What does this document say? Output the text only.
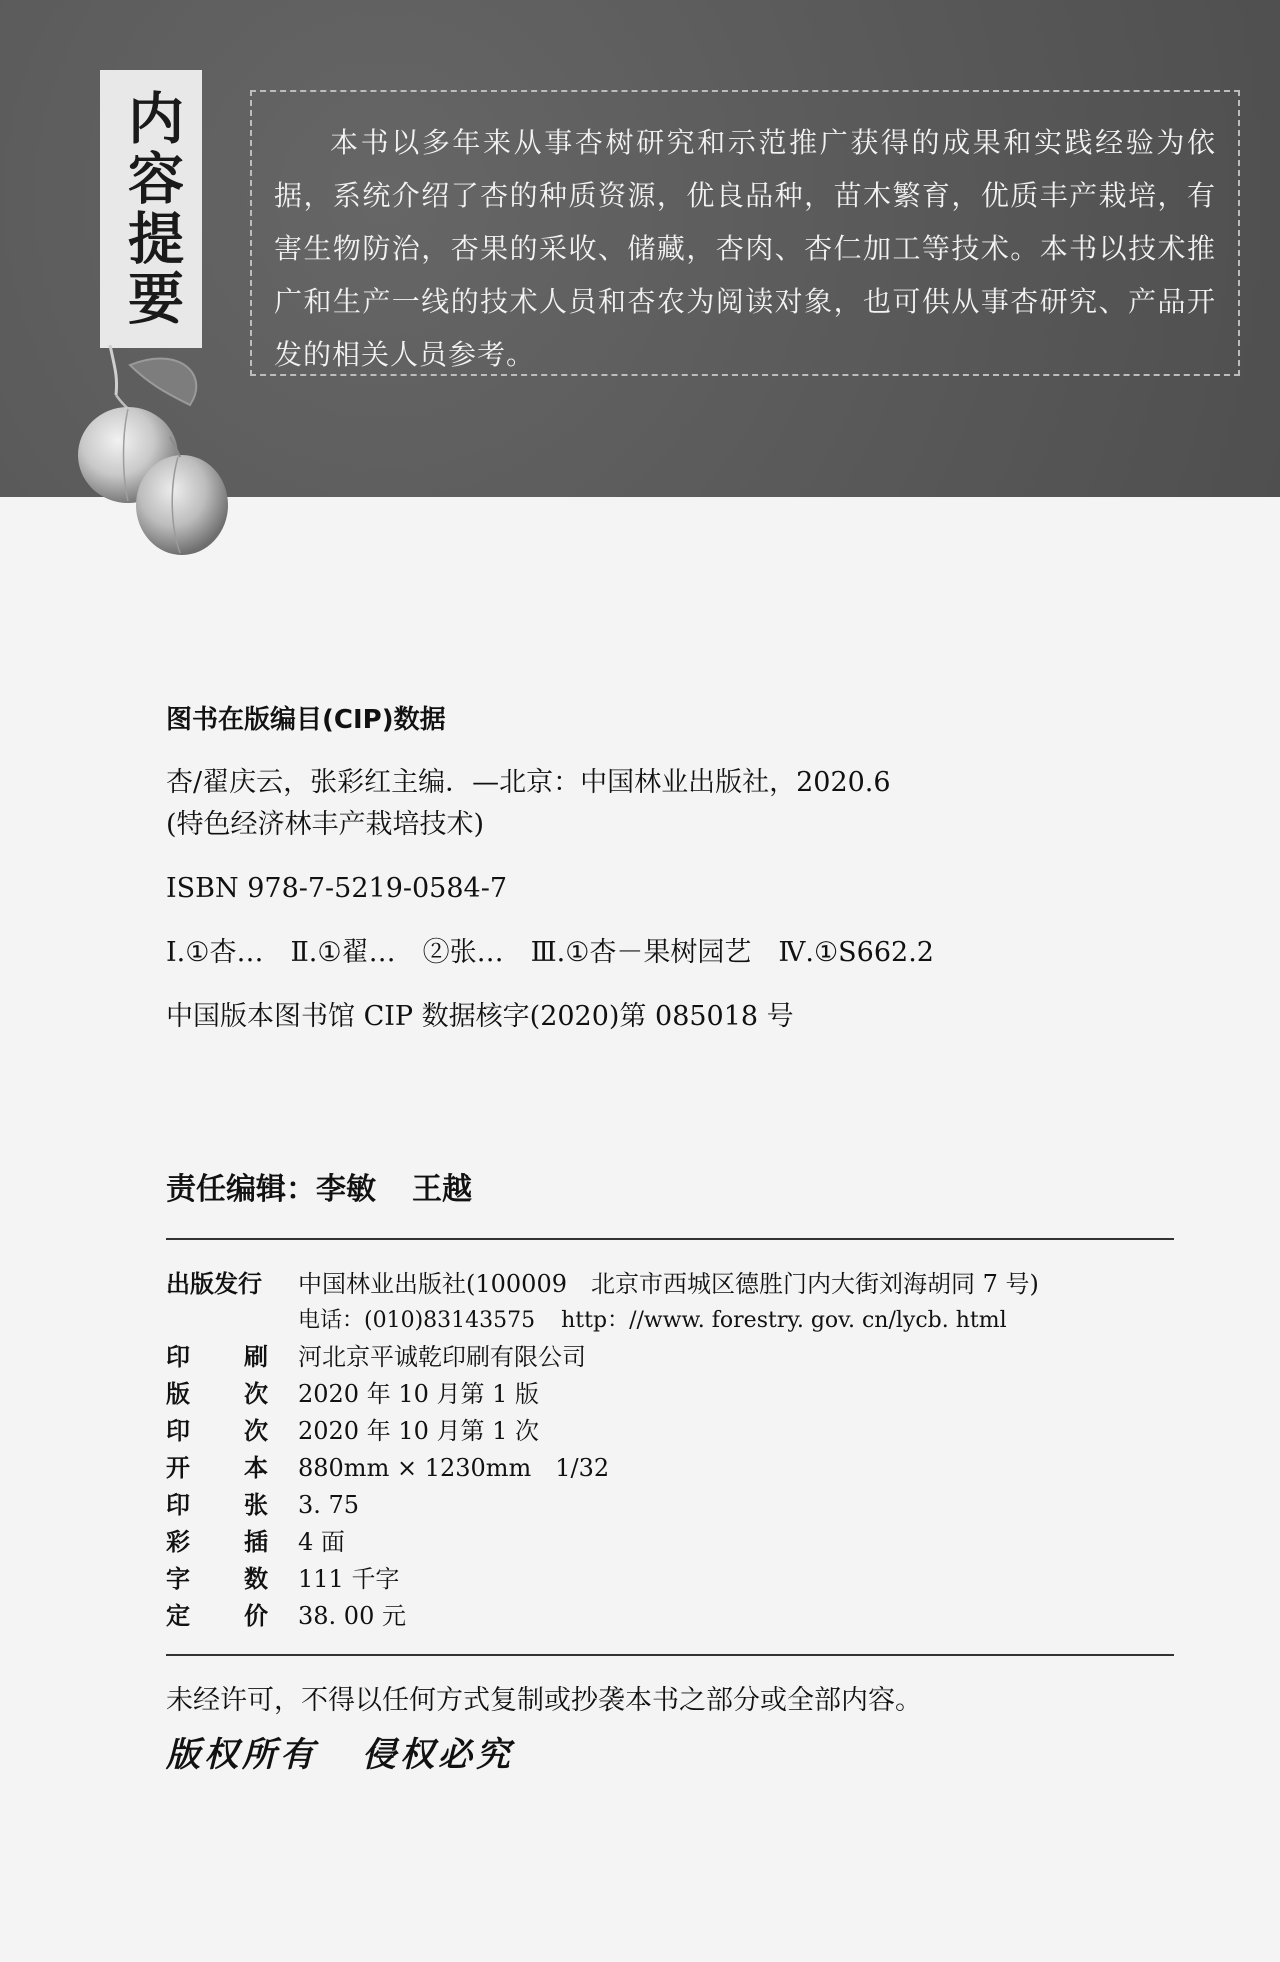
内容提要	本书以多年来从事杏树研究和示范推广获得的成果和实践经验为依据，系统介绍了杏的种质资源，优良品种，苗木繁育，优质丰产栽培，有害生物防治，杏果的采收、储藏，杏肉、杏仁加工等技术。本书以技术推广和生产一线的技术人员和杏农为阅读对象，也可供从事杏研究、产品开发的相关人员参考。

图书在版编目(CIP)数据
杏/翟庆云，张彩红主编．—北京：中国林业出版社，2020.6
(特色经济林丰产栽培技术)
ISBN 978-7-5219-0584-7
Ⅰ.①杏…　Ⅱ.①翟…　②张…　Ⅲ.①杏－果树园艺　Ⅳ.①S662.2
中国版本图书馆 CIP 数据核字(2020)第 085018 号
责任编辑：李敏 王越
出版发行 中国林业出版社(100009　北京市西城区德胜门内大街刘海胡同 7 号)
电话：(010)83143575 http：//www. forestry. gov. cn/lycb. html
印 刷 河北京平诚乾印刷有限公司
版 次 2020 年 10 月第 1 版
印 次 2020 年 10 月第 1 次
开 本 880mm × 1230mm　1/32
印 张 3. 75
彩 插 4 面
字 数 111 千字
定 价 38. 00 元
未经许可，不得以任何方式复制或抄袭本书之部分或全部内容。
版权所有 侵权必究
